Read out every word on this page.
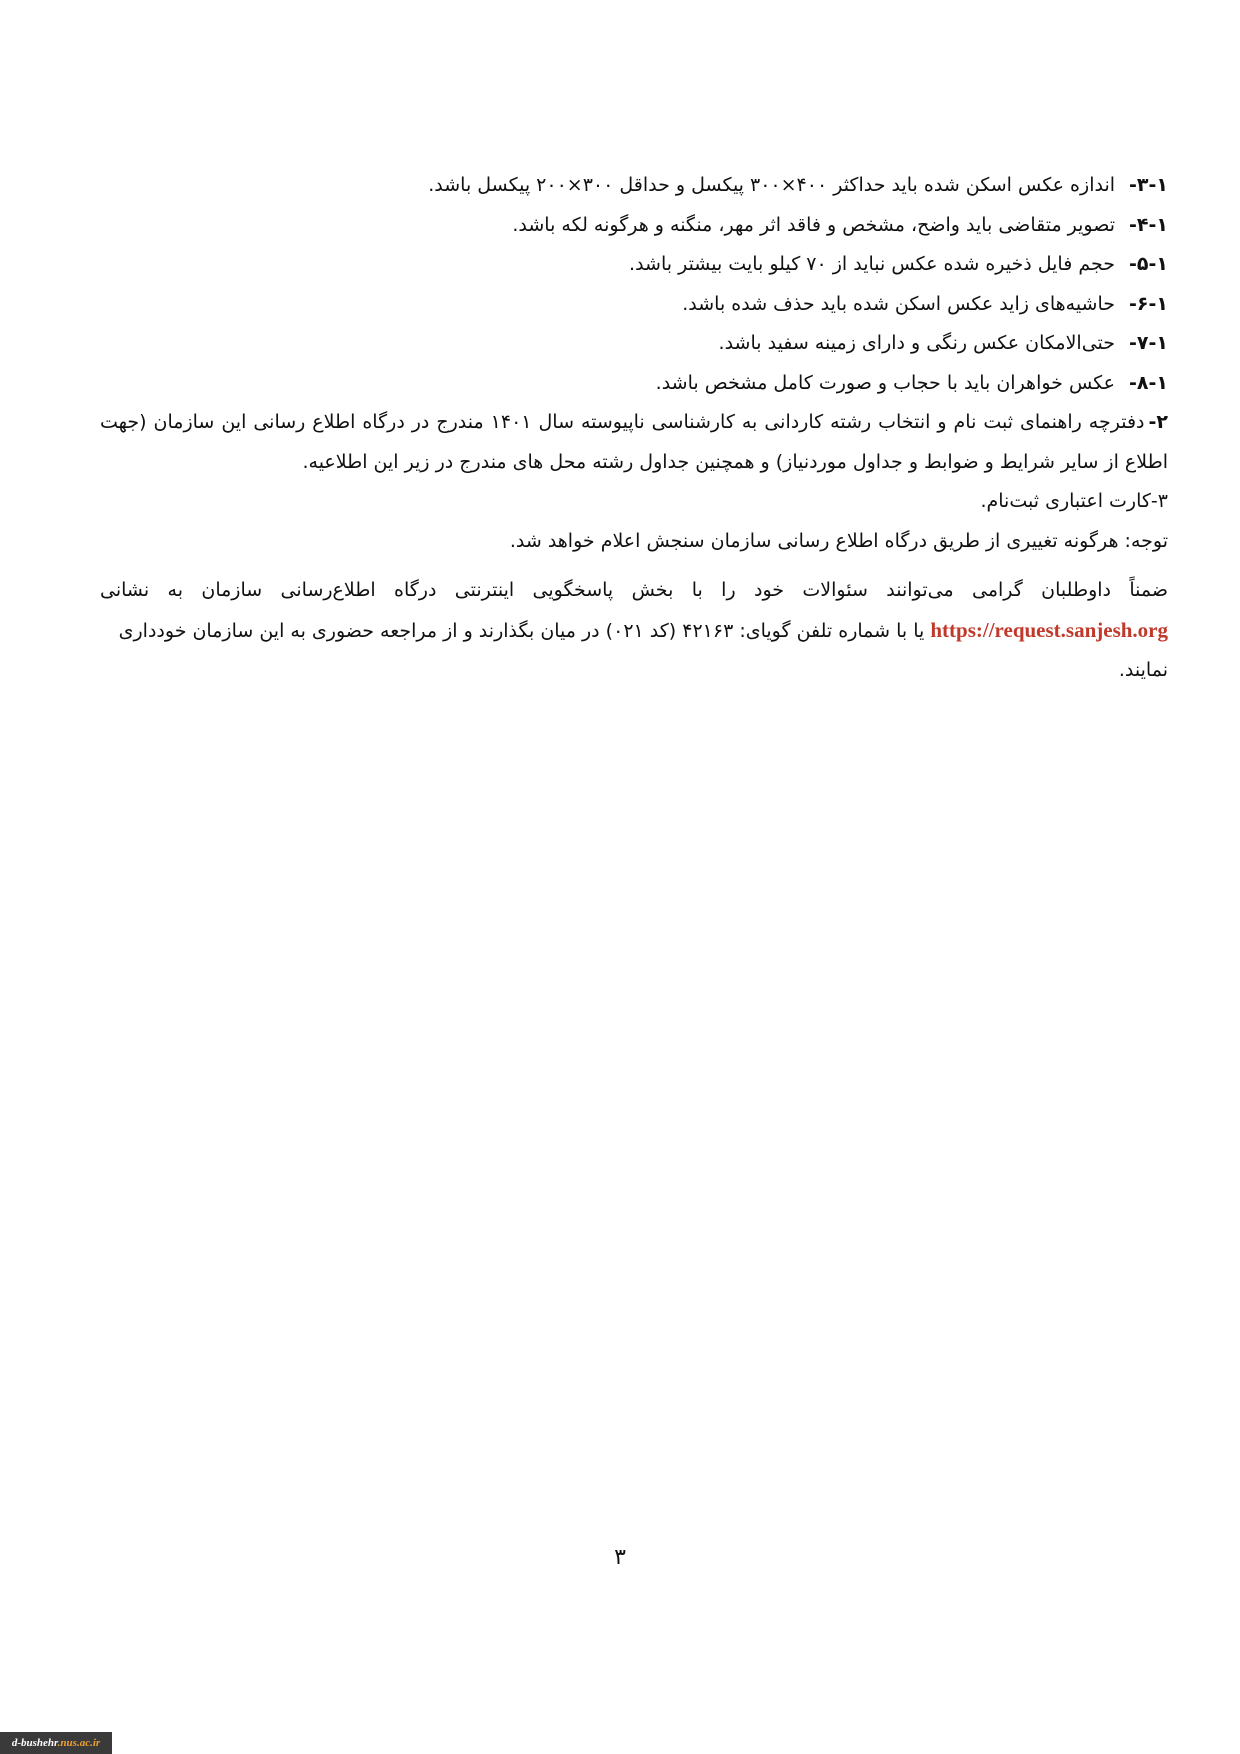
۳-۱-اندازه عکس اسکن شده باید حداکثر ۴۰۰×۳۰۰ پیکسل و حداقل ۳۰۰×۲۰۰ پیکسل باشد.
۴-۱-تصویر متقاضی باید واضح، مشخص و فاقد اثر مهر، منگنه و هرگونه لکه باشد.
۵-۱-حجم فایل ذخیره شده عکس نباید از ۷۰ کیلو بایت بیشتر باشد.
۶-۱-حاشیه‌های زاید عکس اسکن شده باید حذف شده باشد.
۷-۱-حتی‌الامکان عکس رنگی و دارای زمینه سفید باشد.
۸-۱-عکس خواهران باید با حجاب و صورت کامل مشخص باشد.
۲-دفترچه راهنمای ثبت نام و انتخاب رشته کاردانی به کارشناسی ناپیوسته سال ۱۴۰۱ مندرج در درگاه اطلاع رسانی این سازمان (جهت
اطلاع از سایر شرایط و ضوابط و جداول موردنیاز) و همچنین جداول رشته محل های مندرج در زیر این اطلاعیه.
۳-کارت اعتباری ثبت‌نام.
توجه: هرگونه تغییری از طریق درگاه اطلاع رسانی سازمان سنجش اعلام خواهد شد.
ضمناً داوطلبان گرامی می‌توانند سئوالات خود را با بخش پاسخگویی اینترنتی درگاه اطلاع‌رسانی سازمان به نشانی
https://request.sanjesh.org یا با شماره تلفن گویای: ۴۲۱۶۳ (کد ۰۲۱) در میان بگذارند و از مراجعه حضوری به این سازمان خودداری
نمایند.
۳
d-bushehr.nus.ac.ir
